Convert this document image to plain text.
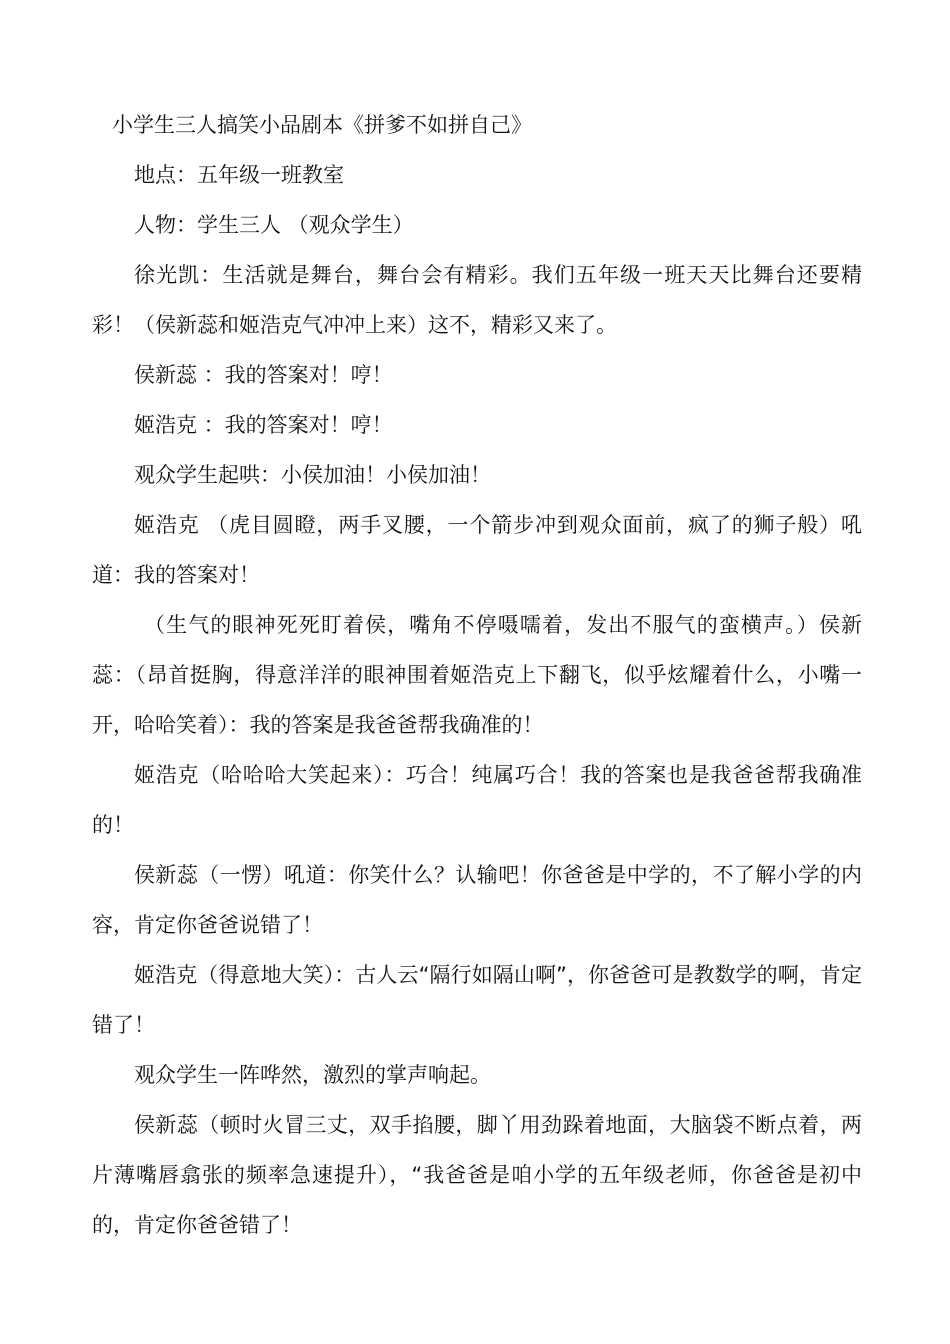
小学生三人搞笑小品剧本《拼爹不如拼自己》

地点：五年级一班教室

人物：学生三人 （观众学生）

徐光凯：生活就是舞台，舞台会有精彩。我们五年级一班天天比舞台还要精彩！（侯新蕊和姬浩克气冲冲上来）这不，精彩又来了。

侯新蕊 ：我的答案对！哼！

姬浩克 ：我的答案对！哼！

观众学生起哄：小侯加油！小侯加油！

姬浩克 （虎目圆瞪，两手叉腰，一个箭步冲到观众面前，疯了的狮子般）吼道：我的答案对！

（生气的眼神死死盯着侯，嘴角不停嗫嚅着，发出不服气的蛮横声。）侯新蕊：（昂首挺胸，得意洋洋的眼神围着姬浩克上下翻飞，似乎炫耀着什么，小嘴一开，哈哈笑着）：我的答案是我爸爸帮我确准的！

姬浩克（哈哈哈大笑起来）：巧合！纯属巧合！我的答案也是我爸爸帮我确准的！

侯新蕊（一愣）吼道：你笑什么？认输吧！你爸爸是中学的，不了解小学的内容，肯定你爸爸说错了！

姬浩克（得意地大笑）：古人云“隔行如隔山啊”，你爸爸可是教数学的啊，肯定错了！

观众学生一阵哗然，激烈的掌声响起。

侯新蕊（顿时火冒三丈，双手掐腰，脚丫用劲跺着地面，大脑袋不断点着，两片薄嘴唇翕张的频率急速提升），“我爸爸是咱小学的五年级老师，你爸爸是初中的，肯定你爸爸错了！
